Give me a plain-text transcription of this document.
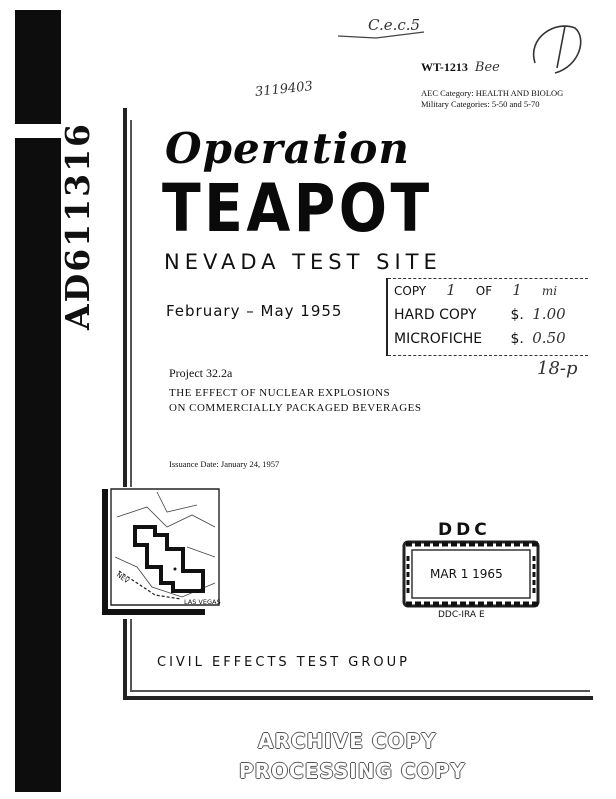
AD611316
C.e.c.5
3119403
WT-1213 Bee
AEC Category: HEALTH AND BIOLOG
Military Categories: 5-50 and 5-70
Operation
TEAPOT
NEVADA TEST SITE
February – May 1955
COPY 1 OF 1 mi
HARD COPY $. 1.00
MICROFICHE $. 0.50
18-p
Project 32.2a
THE EFFECT OF NUCLEAR EXPLOSIONS
ON COMMERCIALLY PACKAGED BEVERAGES
Issuance Date: January 24, 1957
LAS VEGAS
NEV
DDC
MAR 1 1965
DDC-IRA E
CIVIL EFFECTS TEST GROUP
ARCHIVE COPY
PROCESSING COPY
